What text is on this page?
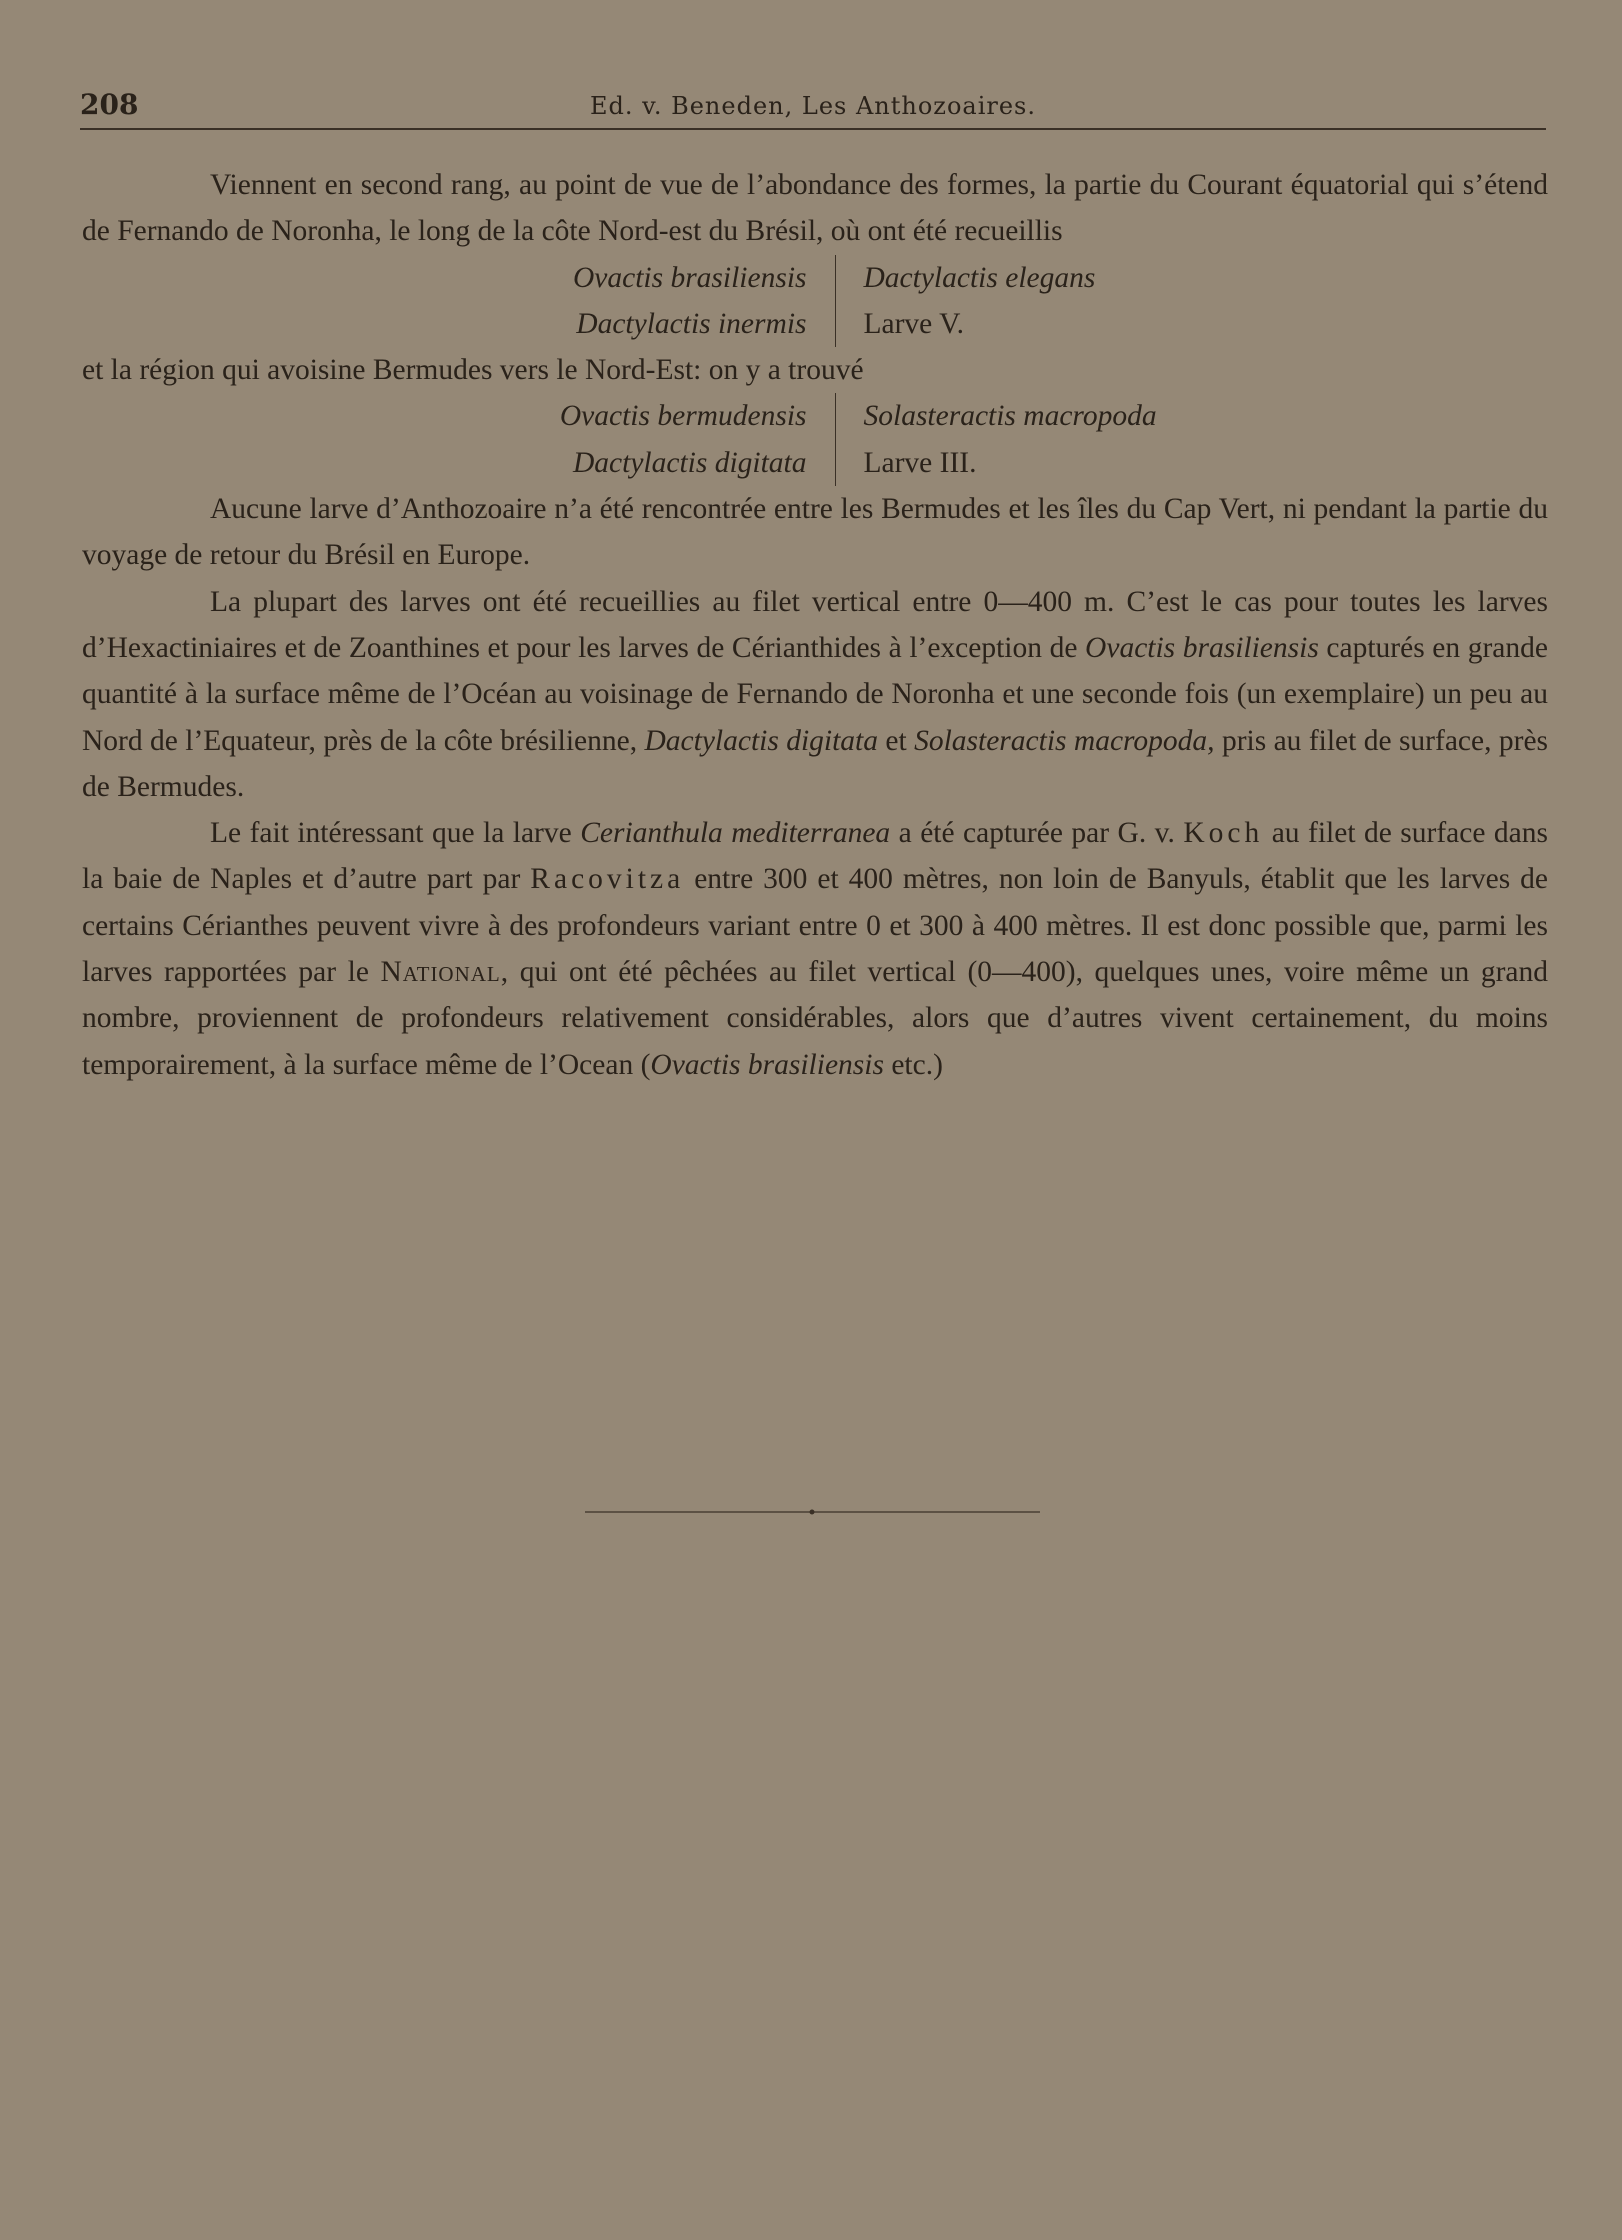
208	Ed. v. Beneden, Les Anthozoaires.

Viennent en second rang, au point de vue de l’abondance des formes, la partie du Courant équatorial qui s’étend de Fernando de Noronha, le long de la côte Nord-est du Brésil, où ont été recueillis

Ovactis brasiliensis
Dactylactis inermis
Dactylactis elegans
Larve V.

et la région qui avoisine Bermudes vers le Nord-Est: on y a trouvé

Ovactis bermudensis
Dactylactis digitata
Solasteractis macropoda
Larve III.

Aucune larve d’Anthozoaire n’a été rencontrée entre les Bermudes et les îles du Cap Vert, ni pendant la partie du voyage de retour du Brésil en Europe.

La plupart des larves ont été recueillies au filet vertical entre 0—400 m. C’est le cas pour toutes les larves d’Hexactiniaires et de Zoanthines et pour les larves de Cérianthides à l’exception de Ovactis brasiliensis capturés en grande quantité à la surface même de l’Océan au voisinage de Fernando de Noronha et une seconde fois (un exemplaire) un peu au Nord de l’Equateur, près de la côte brésilienne, Dactylactis digitata et Solasteractis macropoda, pris au filet de surface, près de Bermudes.

Le fait intéressant que la larve Cerianthula mediterranea a été capturée par G. v. Koch au filet de surface dans la baie de Naples et d’autre part par Racovitza entre 300 et 400 mètres, non loin de Banyuls, établit que les larves de certains Cérianthes peuvent vivre à des profondeurs variant entre 0 et 300 à 400 mètres. Il est donc possible que, parmi les larves rapportées par le National, qui ont été pêchées au filet vertical (0—400), quelques unes, voire même un grand nombre, proviennent de profondeurs relativement considérables, alors que d’autres vivent certainement, du moins temporairement, à la surface même de l’Ocean (Ovactis brasiliensis etc.)
